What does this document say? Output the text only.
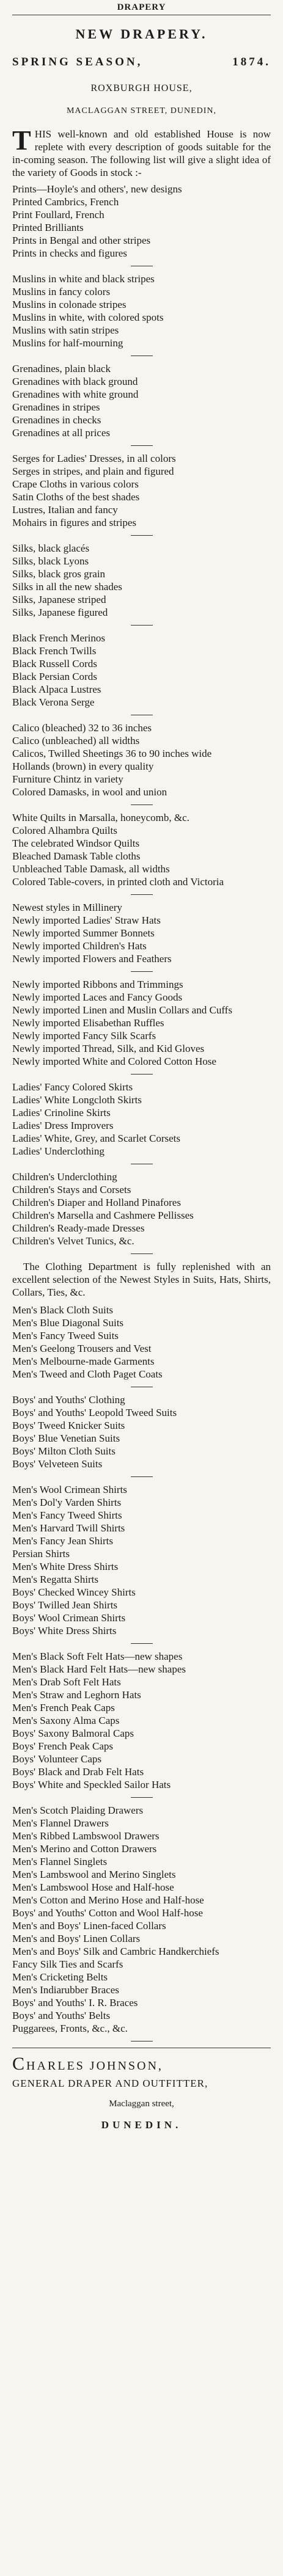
DRAPERY
NEW DRAPERY.
SPRING SEASON,	1874.
ROXBURGH HOUSE,
MACLAGGAN STREET, DUNEDIN,

T HIS well-known and old established House is now replete with every description of goods suitable for the in-coming season. The following list will give a slight idea of the variety of Goods in stock :-

Prints—Hoyle's and others', new designs
Printed Cambrics, French
Print Foullard, French
Printed Brilliants
Prints in Bengal and other stripes
Prints in checks and figures
Muslins in white and black stripes
Muslins in fancy colors
Muslins in colonade stripes
Muslins in white, with colored spots
Muslins with satin stripes
Muslins for half-mourning
Grenadines, plain black
Grenadines with black ground
Grenadines with white ground
Grenadines in stripes
Grenadines in checks
Grenadines at all prices
Serges for Ladies' Dresses, in all colors
Serges in stripes, and plain and figured
Crape Cloths in various colors
Satin Cloths of the best shades
Lustres, Italian and fancy
Mohairs in figures and stripes
Silks, black glacés
Silks, black Lyons
Silks, black gros grain
Silks in all the new shades
Silks, Japanese striped
Silks, Japanese figured
Black French Merinos
Black French Twills
Black Russell Cords
Black Persian Cords
Black Alpaca Lustres
Black Verona Serge
Calico (bleached) 32 to 36 inches
Calico (unbleached) all widths
Calicos, Twilled Sheetings 36 to 90 inches wide
Hollands (brown) in every quality
Furniture Chintz in variety
Colored Damasks, in wool and union
White Quilts in Marsalla, honeycomb, &c.
Colored Alhambra Quilts
The celebrated Windsor Quilts
Bleached Damask Table cloths
Unbleached Table Damask, all widths
Colored Table-covers, in printed cloth and Victoria
Newest styles in Millinery
Newly imported Ladies' Straw Hats
Newly imported Summer Bonnets
Newly imported Children's Hats
Newly imported Flowers and Feathers
Newly imported Ribbons and Trimmings
Newly imported Laces and Fancy Goods
Newly imported Linen and Muslin Collars and Cuffs
Newly imported Elisabethan Ruffles
Newly imported Fancy Silk Scarfs
Newly imported Thread, Silk, and Kid Gloves
Newly imported White and Colored Cotton Hose
Ladies' Fancy Colored Skirts
Ladies' White Longcloth Skirts
Ladies' Crinoline Skirts
Ladies' Dress Improvers
Ladies' White, Grey, and Scarlet Corsets
Ladies' Underclothing
Children's Underclothing
Children's Stays and Corsets
Children's Diaper and Holland Pinafores
Children's Marsella and Cashmere Pellisses
Children's Ready-made Dresses
Children's Velvet Tunics, &c.

The Clothing Department is fully replenished with an excellent selection of the Newest Styles in Suits, Hats, Shirts, Collars, Ties, &c.

Men's Black Cloth Suits
Men's Blue Diagonal Suits
Men's Fancy Tweed Suits
Men's Geelong Trousers and Vest
Men's Melbourne-made Garments
Men's Tweed and Cloth Paget Coats
Boys' and Youths' Clothing
Boys' and Youths' Leopold Tweed Suits
Boys' Tweed Knicker Suits
Boys' Blue Venetian Suits
Boys' Milton Cloth Suits
Boys' Velveteen Suits
Men's Wool Crimean Shirts
Men's Dol'y Varden Shirts
Men's Fancy Tweed Shirts
Men's Harvard Twill Shirts
Men's Fancy Jean Shirts
Persian Shirts
Men's White Dress Shirts
Men's Regatta Shirts
Boys' Checked Wincey Shirts
Boys' Twilled Jean Shirts
Boys' Wool Crimean Shirts
Boys' White Dress Shirts
Men's Black Soft Felt Hats—new shapes
Men's Black Hard Felt Hats—new shapes
Men's Drab Soft Felt Hats
Men's Straw and Leghorn Hats
Men's French Peak Caps
Men's Saxony Alma Caps
Boys' Saxony Balmoral Caps
Boys' French Peak Caps
Boys' Volunteer Caps
Boys' Black and Drab Felt Hats
Boys' White and Speckled Sailor Hats
Men's Scotch Plaiding Drawers
Men's Flannel Drawers
Men's Ribbed Lambswool Drawers
Men's Merino and Cotton Drawers
Men's Flannel Singlets
Men's Lambswool and Merino Singlets
Men's Lambswool Hose and Half-hose
Men's Cotton and Merino Hose and Half-hose
Boys' and Youths' Cotton and Wool Half-hose
Men's and Boys' Linen-faced Collars
Men's and Boys' Linen Collars
Men's and Boys' Silk and Cambric Handkerchiefs
Fancy Silk Ties and Scarfs
Men's Cricketing Belts
Men's Indiarubber Braces
Boys' and Youths' I. R. Braces
Boys' and Youths' Belts
Puggarees, Fronts, &c., &c.
CHARLES JOHNSON,
GENERAL DRAPER AND OUTFITTER,
Maclaggan street,
DUNEDIN.
